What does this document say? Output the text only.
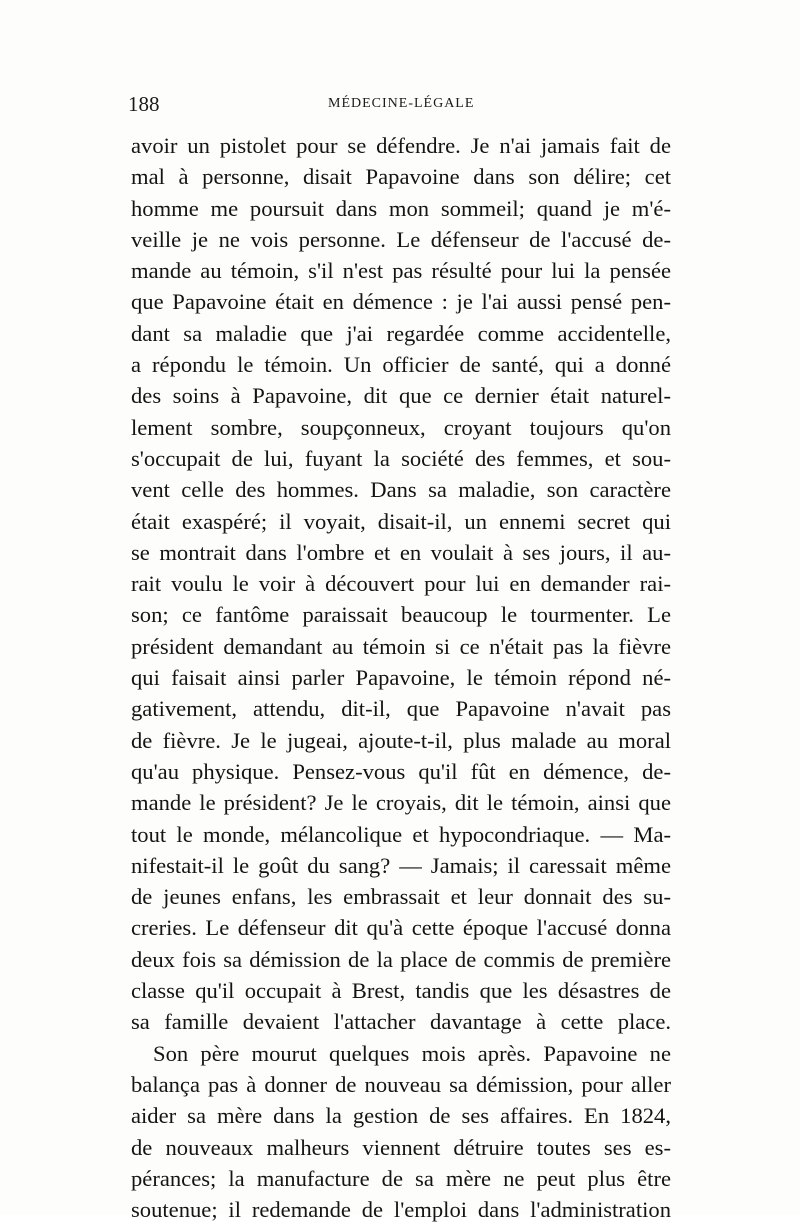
188	MÉDECINE-LÉGALE
avoir un pistolet pour se défendre. Je n'ai jamais fait de
mal à personne, disait Papavoine dans son délire; cet
homme me poursuit dans mon sommeil; quand je m'é-
veille je ne vois personne. Le défenseur de l'accusé de-
mande au témoin, s'il n'est pas résulté pour lui la pensée
que Papavoine était en démence : je l'ai aussi pensé pen-
dant sa maladie que j'ai regardée comme accidentelle,
a répondu le témoin. Un officier de santé, qui a donné
des soins à Papavoine, dit que ce dernier était naturel-
lement sombre, soupçonneux, croyant toujours qu'on
s'occupait de lui, fuyant la société des femmes, et sou-
vent celle des hommes. Dans sa maladie, son caractère
était exaspéré; il voyait, disait-il, un ennemi secret qui
se montrait dans l'ombre et en voulait à ses jours, il au-
rait voulu le voir à découvert pour lui en demander rai-
son; ce fantôme paraissait beaucoup le tourmenter. Le
président demandant au témoin si ce n'était pas la fièvre
qui faisait ainsi parler Papavoine, le témoin répond né-
gativement, attendu, dit-il, que Papavoine n'avait pas
de fièvre. Je le jugeai, ajoute-t-il, plus malade au moral
qu'au physique. Pensez-vous qu'il fût en démence, de-
mande le président? Je le croyais, dit le témoin, ainsi que
tout le monde, mélancolique et hypocondriaque. — Ma-
nifestait-il le goût du sang? — Jamais; il caressait même
de jeunes enfans, les embrassait et leur donnait des su-
creries. Le défenseur dit qu'à cette époque l'accusé donna
deux fois sa démission de la place de commis de première
classe qu'il occupait à Brest, tandis que les désastres de
sa famille devaient l'attacher davantage à cette place.
Son père mourut quelques mois après. Papavoine ne
balança pas à donner de nouveau sa démission, pour aller
aider sa mère dans la gestion de ses affaires. En 1824,
de nouveaux malheurs viennent détruire toutes ses es-
pérances; la manufacture de sa mère ne peut plus être
soutenue; il redemande de l'emploi dans l'administration
